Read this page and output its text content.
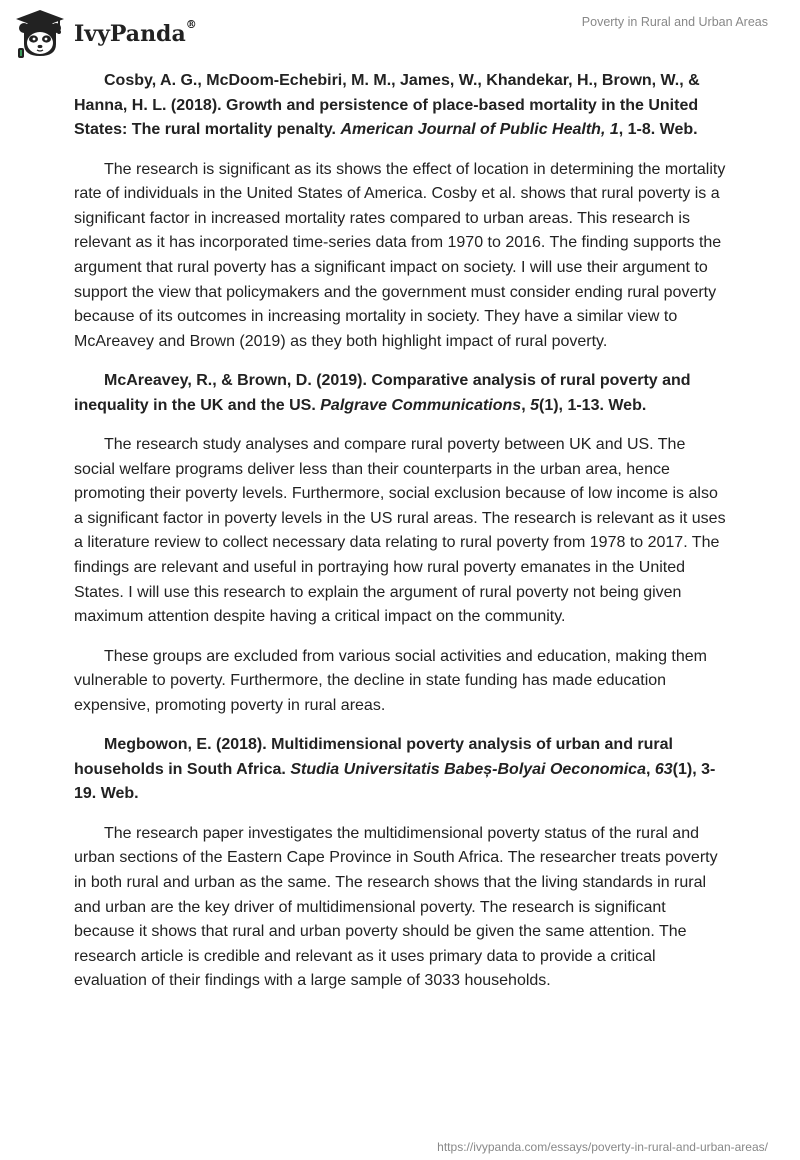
IvyPanda®	Poverty in Rural and Urban Areas

Cosby, A. G., McDoom-Echebiri, M. M., James, W., Khandekar, H., Brown, W., & Hanna, H. L. (2018). Growth and persistence of place-based mortality in the United States: The rural mortality penalty. American Journal of Public Health, 1, 1-8. Web.

The research is significant as its shows the effect of location in determining the mortality rate of individuals in the United States of America. Cosby et al. shows that rural poverty is a significant factor in increased mortality rates compared to urban areas. This research is relevant as it has incorporated time-series data from 1970 to 2016. The finding supports the argument that rural poverty has a significant impact on society. I will use their argument to support the view that policymakers and the government must consider ending rural poverty because of its outcomes in increasing mortality in society. They have a similar view to McAreavey and Brown (2019) as they both highlight impact of rural poverty.

McAreavey, R., & Brown, D. (2019). Comparative analysis of rural poverty and inequality in the UK and the US. Palgrave Communications, 5(1), 1-13. Web.

The research study analyses and compare rural poverty between UK and US. The social welfare programs deliver less than their counterparts in the urban area, hence promoting their poverty levels. Furthermore, social exclusion because of low income is also a significant factor in poverty levels in the US rural areas. The research is relevant as it uses a literature review to collect necessary data relating to rural poverty from 1978 to 2017. The findings are relevant and useful in portraying how rural poverty emanates in the United States. I will use this research to explain the argument of rural poverty not being given maximum attention despite having a critical impact on the community.

These groups are excluded from various social activities and education, making them vulnerable to poverty. Furthermore, the decline in state funding has made education expensive, promoting poverty in rural areas.

Megbowon, E. (2018). Multidimensional poverty analysis of urban and rural households in South Africa. Studia Universitatis Babeș-Bolyai Oeconomica, 63(1), 3-19. Web.

The research paper investigates the multidimensional poverty status of the rural and urban sections of the Eastern Cape Province in South Africa. The researcher treats poverty in both rural and urban as the same. The research shows that the living standards in rural and urban are the key driver of multidimensional poverty. The research is significant because it shows that rural and urban poverty should be given the same attention. The research article is credible and relevant as it uses primary data to provide a critical evaluation of their findings with a large sample of 3033 households.

https://ivypanda.com/essays/poverty-in-rural-and-urban-areas/
